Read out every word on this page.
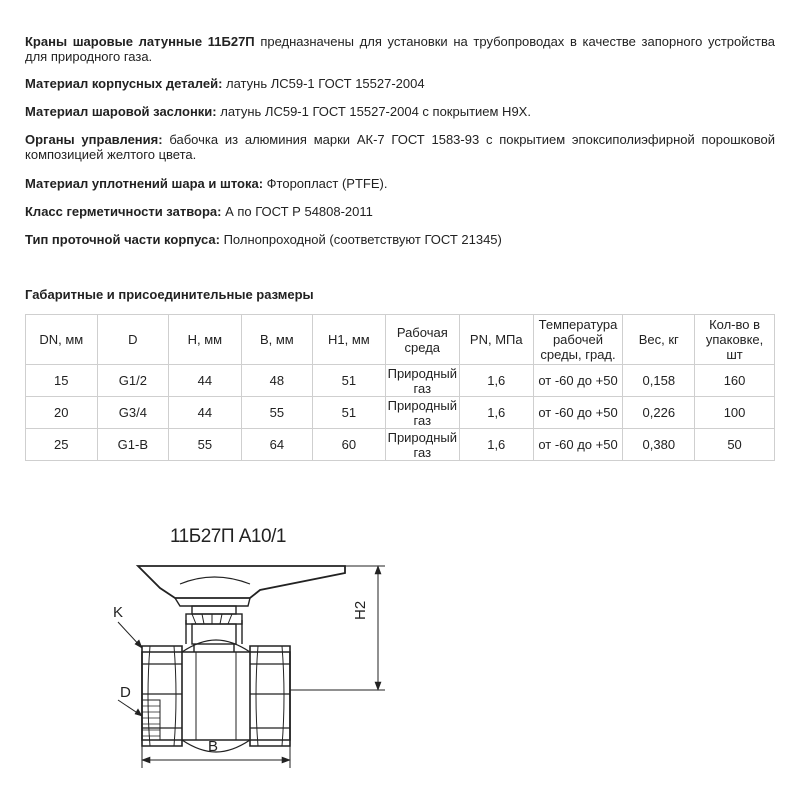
Краны шаровые латунные 11Б27П предназначены для установки на трубопроводах в качестве запорного устройства для природного газа.

Материал корпусных деталей: латунь ЛС59-1 ГОСТ 15527-2004

Материал шаровой заслонки: латунь ЛС59-1 ГОСТ 15527-2004 с покрытием Н9Х.

Органы управления: бабочка из алюминия марки АК-7 ГОСТ 1583-93 с покрытием эпоксиполиэфирной порошковой композицией желтого цвета.

Материал уплотнений шара и штока: Фторопласт (PTFE).

Класс герметичности затвора: А по ГОСТ Р 54808-2011

Тип проточной части корпуса: Полнопроходной (соответствуют ГОСТ 21345)

Габаритные и присоединительные размеры

DN, мм	D	H, мм	B, мм	H1, мм	Рабочая среда	PN, МПа	Температура рабочей среды, град.	Вес, кг	Кол-во в упаковке, шт
15	G1/2	44	48	51	Природный газ	1,6	от -60 до +50	0,158	160
20	G3/4	44	55	51	Природный газ	1,6	от -60 до +50	0,226	100
25	G1-B	55	64	60	Природный газ	1,6	от -60 до +50	0,380	50
11Б27П А10/1
K
D
B
H2
